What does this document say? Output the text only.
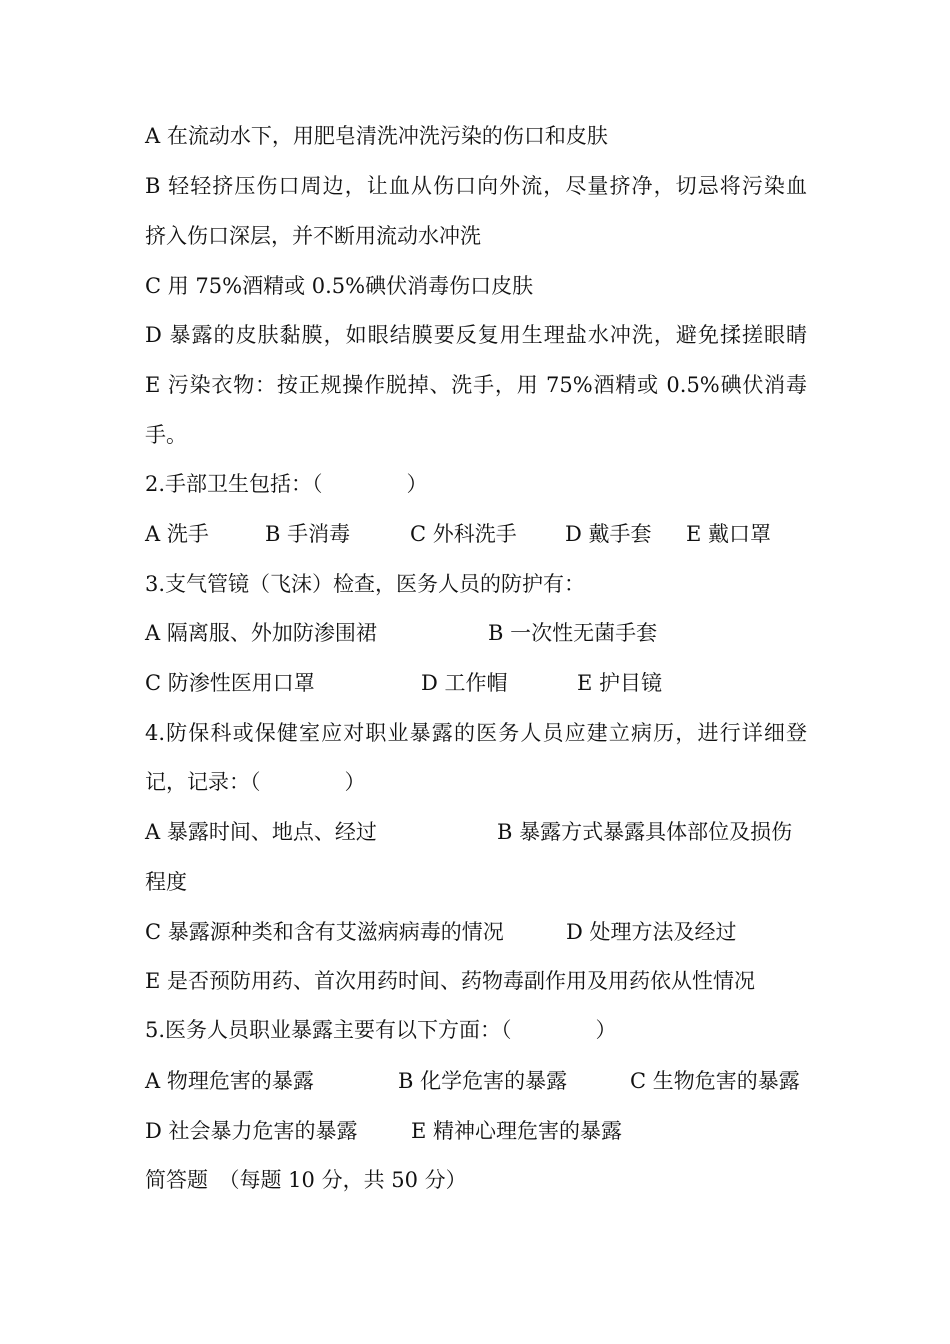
A 在流动水下，用肥皂清洗冲洗污染的伤口和皮肤
B 轻轻挤压伤口周边，让血从伤口向外流，尽量挤净，切忌将污染血
挤入伤口深层，并不断用流动水冲洗
C 用 75%酒精或 0.5%碘伏消毒伤口皮肤
D 暴露的皮肤黏膜，如眼结膜要反复用生理盐水冲洗，避免揉搓眼睛
E 污染衣物：按正规操作脱掉、洗手，用 75%酒精或 0.5%碘伏消毒
手。
2.手部卫生包括：（　　　　）
A 洗手	B 手消毒	C 外科洗手 D 戴手套 E 戴口罩
3.支气管镜（飞沫）检查，医务人员的防护有：
A 隔离服、外加防渗围裙	B 一次性无菌手套
C 防渗性医用口罩	D 工作帽	E 护目镜
4.防保科或保健室应对职业暴露的医务人员应建立病历，进行详细登
记，记录：（　　　　）
A 暴露时间、地点、经过	B 暴露方式暴露具体部位及损伤
程度
C 暴露源种类和含有艾滋病病毒的情况	D 处理方法及经过
E 是否预防用药、首次用药时间、药物毒副作用及用药依从性情况
5.医务人员职业暴露主要有以下方面：（　　　　）
A 物理危害的暴露	B 化学危害的暴露	C 生物危害的暴露
D 社会暴力危害的暴露	E 精神心理危害的暴露
简答题　（每题 10 分，共 50 分）
